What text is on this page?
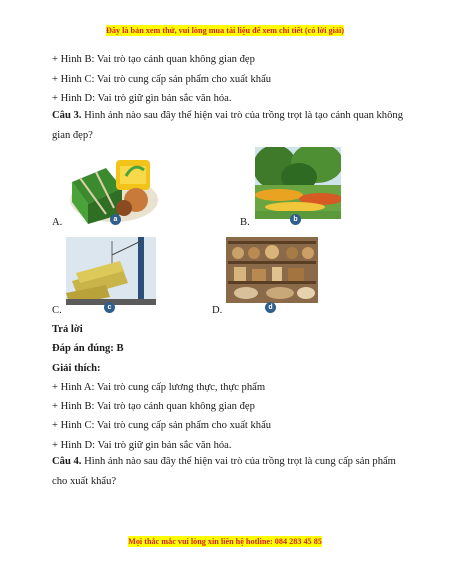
Đây là bản xem thử, vui lòng mua tài liệu để xem chi tiết (có lời giải)
+ Hình B: Vai trò tạo cảnh quan không gian đẹp
+ Hình C: Vai trò cung cấp sản phẩm cho xuất khẩu
+ Hình D: Vai trò giữ gìn bản sắc văn hóa.
Câu 3. Hình ảnh nào sau đây thể hiện vai trò của trồng trọt là tạo cảnh quan không gian đẹp?
a
A.	b
B.
c
C.	d
D.
Trả lời
Đáp án đúng: B
Giải thích:
+ Hình A: Vai trò cung cấp lương thực, thực phẩm
+ Hình B: Vai trò tạo cảnh quan không gian đẹp
+ Hình C: Vai trò cung cấp sản phẩm cho xuất khẩu
+ Hình D: Vai trò giữ gìn bản sắc văn hóa.
Câu 4. Hình ảnh nào sau đây thể hiện vai trò của trồng trọt là cung cấp sản phẩm cho xuất khẩu?
Mọi thắc mắc vui lòng xin liên hệ hotline: 084 283 45 85
